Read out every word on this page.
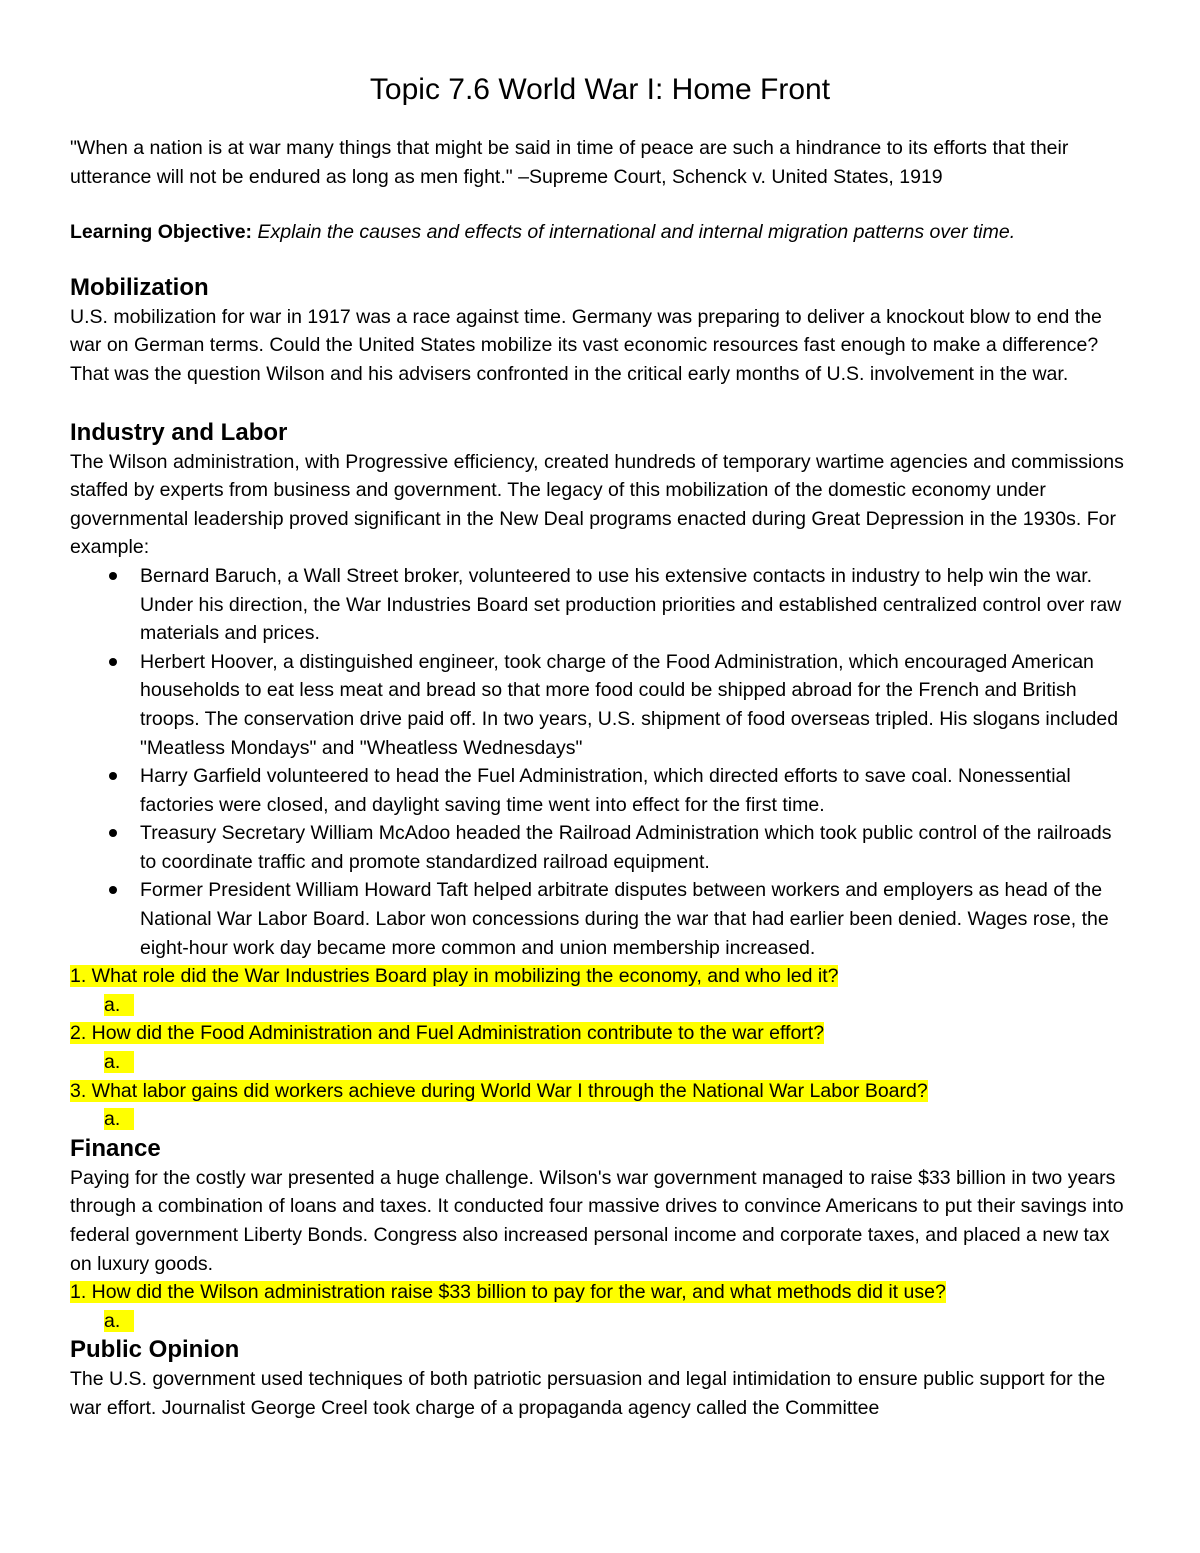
Topic 7.6 World War I: Home Front

"When a nation is at war many things that might be said in time of peace are such a hindrance to its efforts that their utterance will not be endured as long as men fight." –Supreme Court, Schenck v. United States, 1919

Learning Objective: Explain the causes and effects of international and internal migration patterns over time.

Mobilization

U.S. mobilization for war in 1917 was a race against time. Germany was preparing to deliver a knockout blow to end the war on German terms. Could the United States mobilize its vast economic resources fast enough to make a difference? That was the question Wilson and his advisers confronted in the critical early months of U.S. involvement in the war.

Industry and Labor

The Wilson administration, with Progressive efficiency, created hundreds of temporary wartime agencies and commissions staffed by experts from business and government. The legacy of this mobilization of the domestic economy under governmental leadership proved significant in the New Deal programs enacted during Great Depression in the 1930s. For example:

Bernard Baruch, a Wall Street broker, volunteered to use his extensive contacts in industry to help win the war. Under his direction, the War Industries Board set production priorities and established centralized control over raw materials and prices.
Herbert Hoover, a distinguished engineer, took charge of the Food Administration, which encouraged American households to eat less meat and bread so that more food could be shipped abroad for the French and British troops. The conservation drive paid off. In two years, U.S. shipment of food overseas tripled. His slogans included "Meatless Mondays" and "Wheatless Wednesdays"
Harry Garfield volunteered to head the Fuel Administration, which directed efforts to save coal. Nonessential factories were closed, and daylight saving time went into effect for the first time.
Treasury Secretary William McAdoo headed the Railroad Administration which took public control of the railroads to coordinate traffic and promote standardized railroad equipment.
Former President William Howard Taft helped arbitrate disputes between workers and employers as head of the National War Labor Board. Labor won concessions during the war that had earlier been denied. Wages rose, the eight-hour work day became more common and union membership increased.

1. What role did the War Industries Board play in mobilizing the economy, and who led it?

a.

2. How did the Food Administration and Fuel Administration contribute to the war effort?

a.

3. What labor gains did workers achieve during World War I through the National War Labor Board?

a.

Finance

Paying for the costly war presented a huge challenge. Wilson's war government managed to raise $33 billion in two years through a combination of loans and taxes. It conducted four massive drives to convince Americans to put their savings into federal government Liberty Bonds. Congress also increased personal income and corporate taxes, and placed a new tax on luxury goods.

1. How did the Wilson administration raise $33 billion to pay for the war, and what methods did it use?

a.

Public Opinion

The U.S. government used techniques of both patriotic persuasion and legal intimidation to ensure public support for the war effort. Journalist George Creel took charge of a propaganda agency called the Committee
